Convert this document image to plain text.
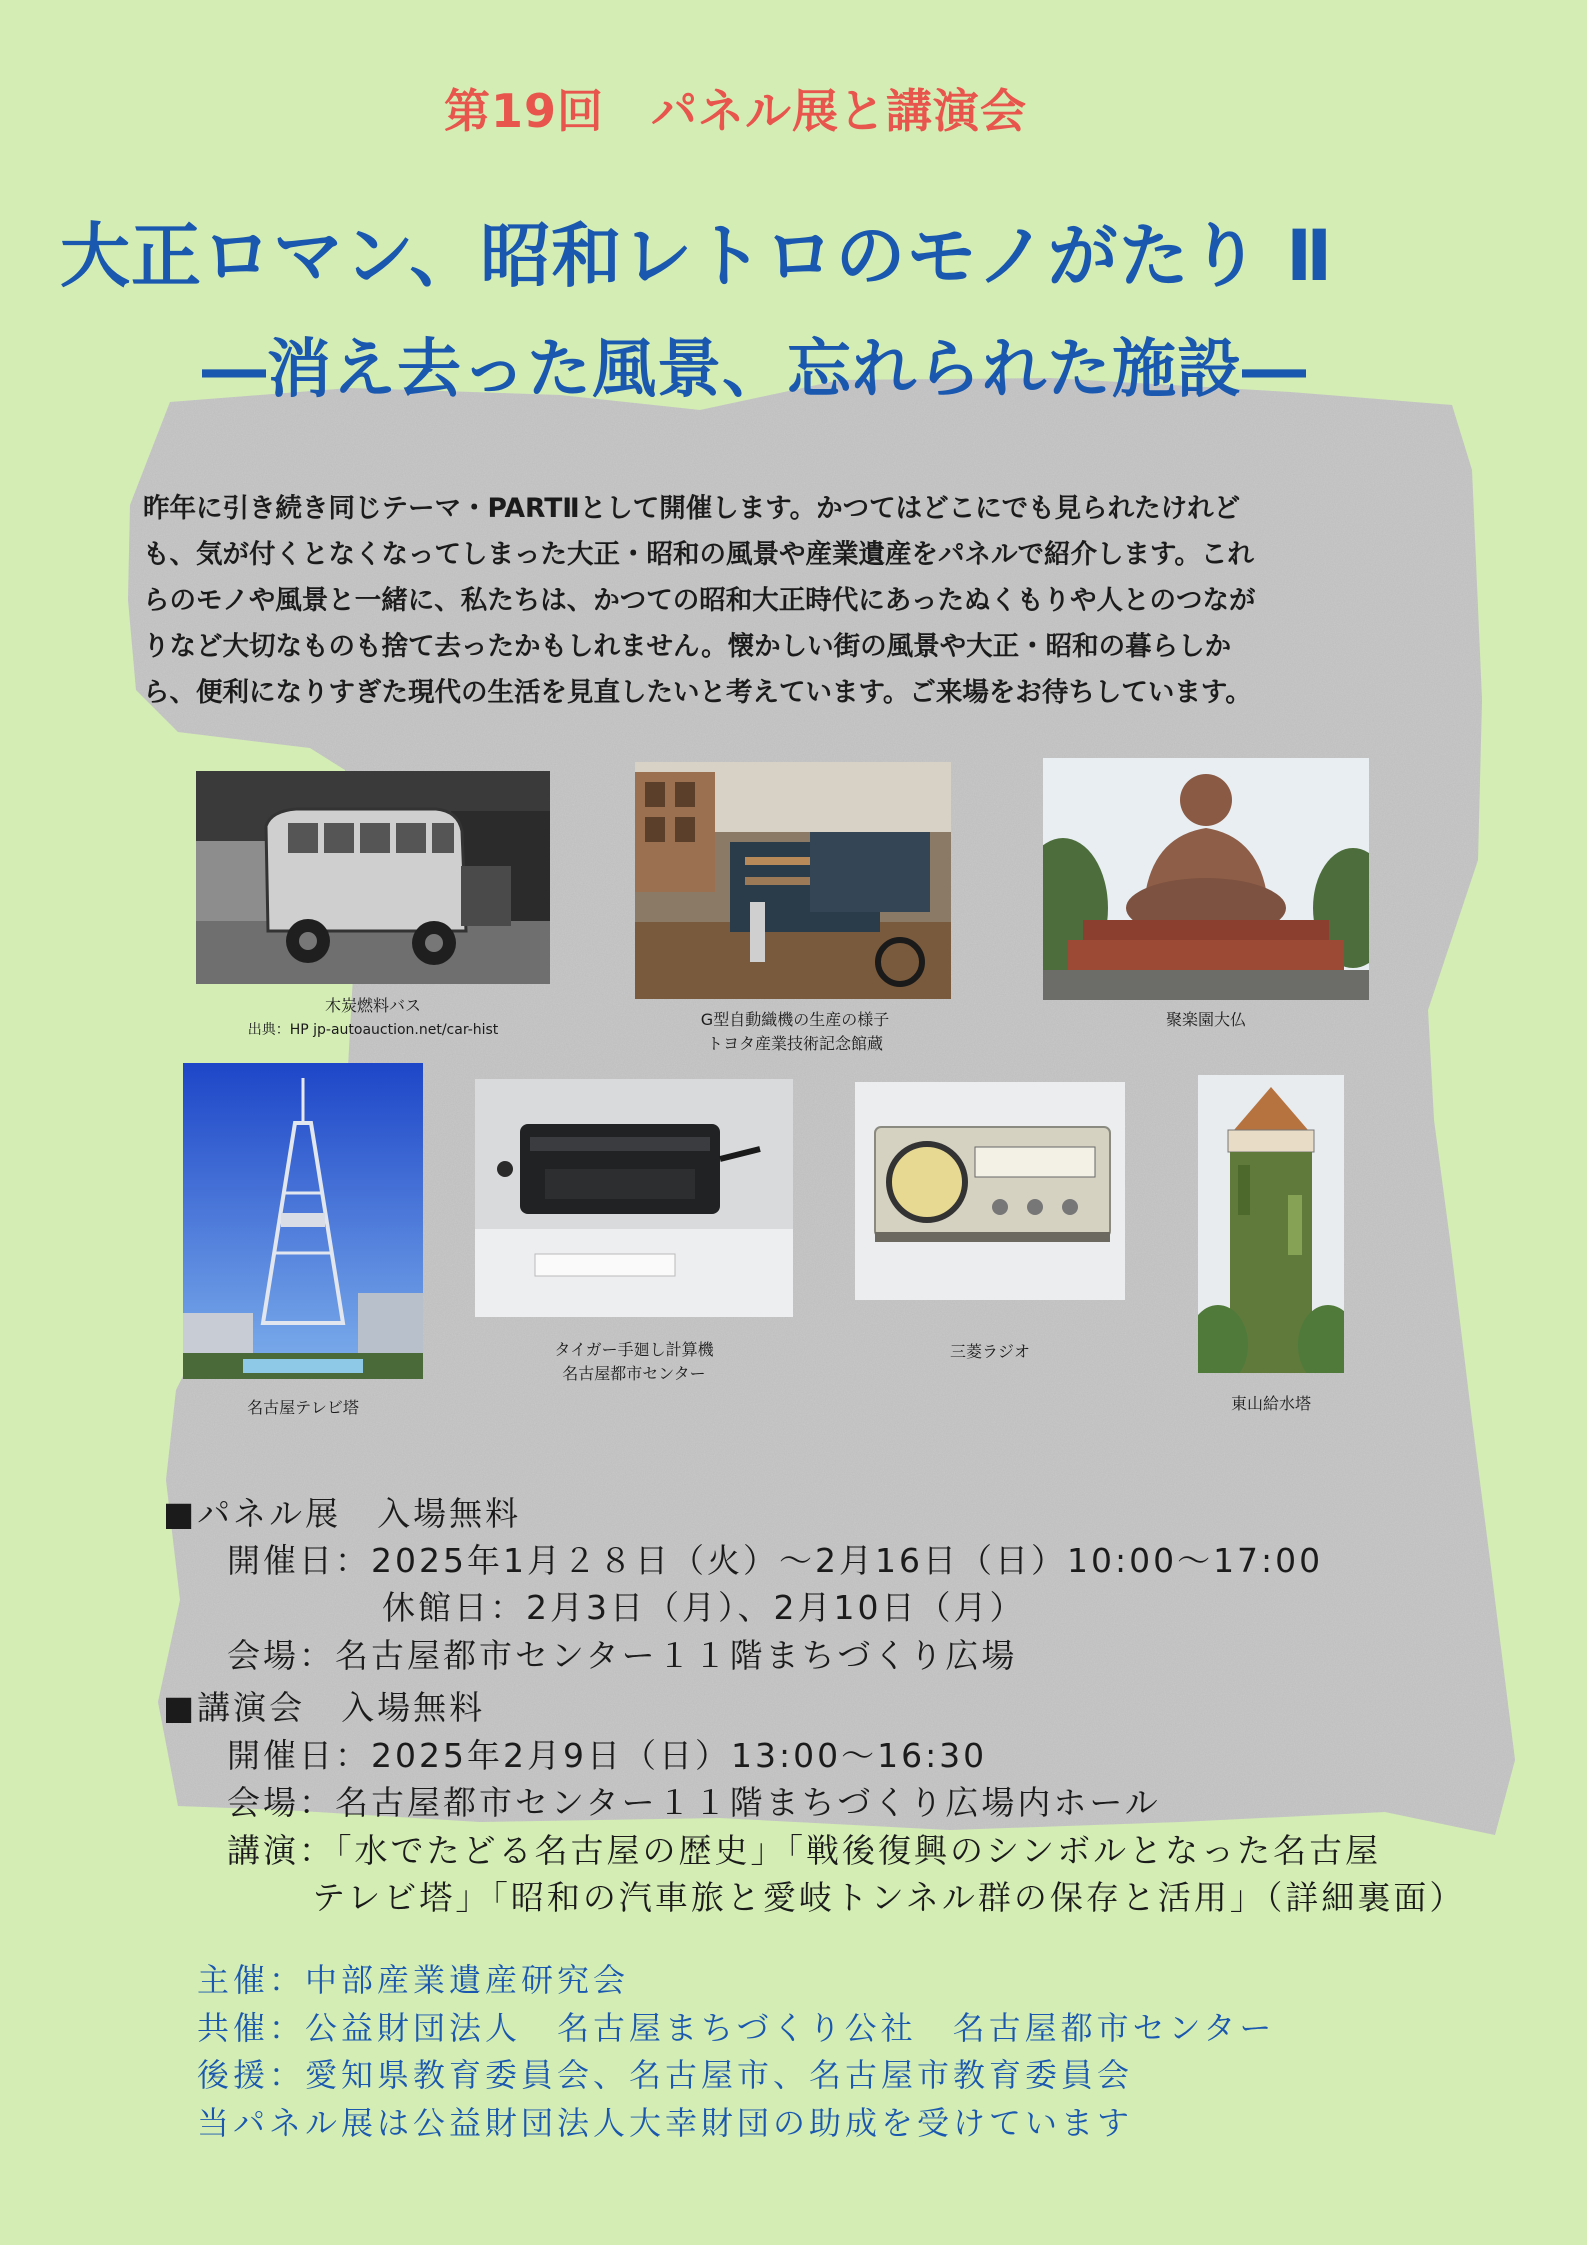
第19回　パネル展と講演会
大正ロマン、昭和レトロのモノがたり Ⅱ
―消え去った風景、忘れられた施設―
昨年に引き続き同じテーマ・PARTⅡとして開催します。かつてはどこにでも見られたけれど
も、気が付くとなくなってしまった大正・昭和の風景や産業遺産をパネルで紹介します。これ
らのモノや風景と一緒に、私たちは、かつての昭和大正時代にあったぬくもりや人とのつなが
りなど大切なものも捨て去ったかもしれません。懐かしい街の風景や大正・昭和の暮らしか
ら、便利になりすぎた現代の生活を見直したいと考えています。ご来場をお待ちしています。
木炭燃料バス
出典：HP jp-autoauction.net/car-hist
G型自動織機の生産の様子
トヨタ産業技術記念館蔵
聚楽園大仏
名古屋テレビ塔
タイガー手廻し計算機
名古屋都市センター
三菱ラジオ
東山給水塔

■パネル展　入場無料

開催日：2025年1月２８日（火）～2月16日（日）10:00～17:00

休館日：2月3日（月）、2月10日（月）

会場：名古屋都市センター１１階まちづくり広場

■講演会　入場無料

開催日：2025年2月9日（日）13:00～16:30

会場：名古屋都市センター１１階まちづくり広場内ホール

講演：「水でたどる名古屋の歴史」「戦後復興のシンボルとなった名古屋

テレビ塔」「昭和の汽車旅と愛岐トンネル群の保存と活用」（詳細裏面）

主催：中部産業遺産研究会

共催：公益財団法人　名古屋まちづくり公社　名古屋都市センター

後援：愛知県教育委員会、名古屋市、名古屋市教育委員会

当パネル展は公益財団法人大幸財団の助成を受けています
